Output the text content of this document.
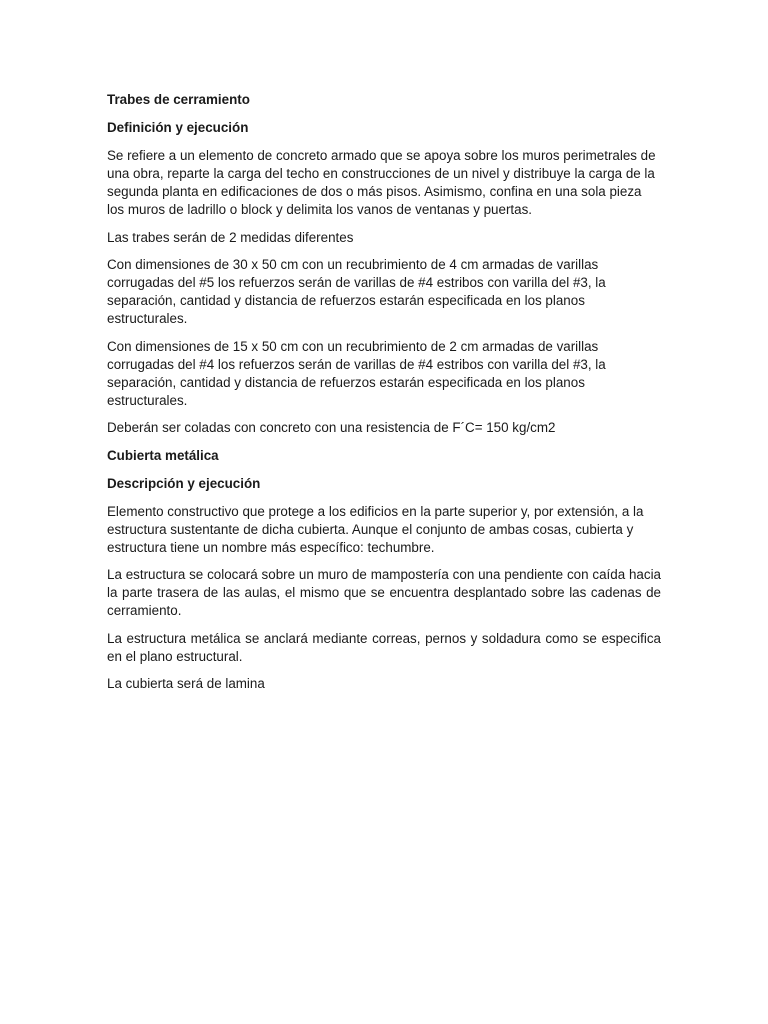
Trabes de cerramiento
Definición y ejecución
Se refiere a un elemento de concreto armado que se apoya sobre los muros perimetrales de una obra, reparte la carga del techo en construcciones de un nivel y distribuye la carga de la segunda planta en edificaciones de dos o más pisos. Asimismo, confina en una sola pieza los muros de ladrillo o block y delimita los vanos de ventanas y puertas.
Las trabes serán de 2 medidas diferentes
Con dimensiones de 30 x 50 cm con un recubrimiento de 4 cm armadas de varillas corrugadas del #5 los refuerzos serán de varillas de #4 estribos con varilla del #3, la separación, cantidad y distancia de refuerzos estarán especificada en los planos estructurales.
Con dimensiones de 15 x 50 cm con un recubrimiento de 2 cm armadas de varillas corrugadas del #4 los refuerzos serán de varillas de #4 estribos con varilla del #3, la separación, cantidad y distancia de refuerzos estarán especificada en los planos estructurales.
Deberán ser coladas con concreto con una resistencia de F´C= 150 kg/cm2
Cubierta metálica
Descripción y ejecución
Elemento constructivo que protege a los edificios en la parte superior y, por extensión, a la estructura sustentante de dicha cubierta. Aunque el conjunto de ambas cosas, cubierta y estructura tiene un nombre más específico: techumbre.
La estructura se colocará sobre un muro de mampostería con una pendiente con caída hacia la parte trasera de las aulas, el mismo que se encuentra desplantado sobre las cadenas de cerramiento.
La estructura metálica se anclará mediante correas, pernos y soldadura como se especifica en el plano estructural.
La cubierta será de lamina
